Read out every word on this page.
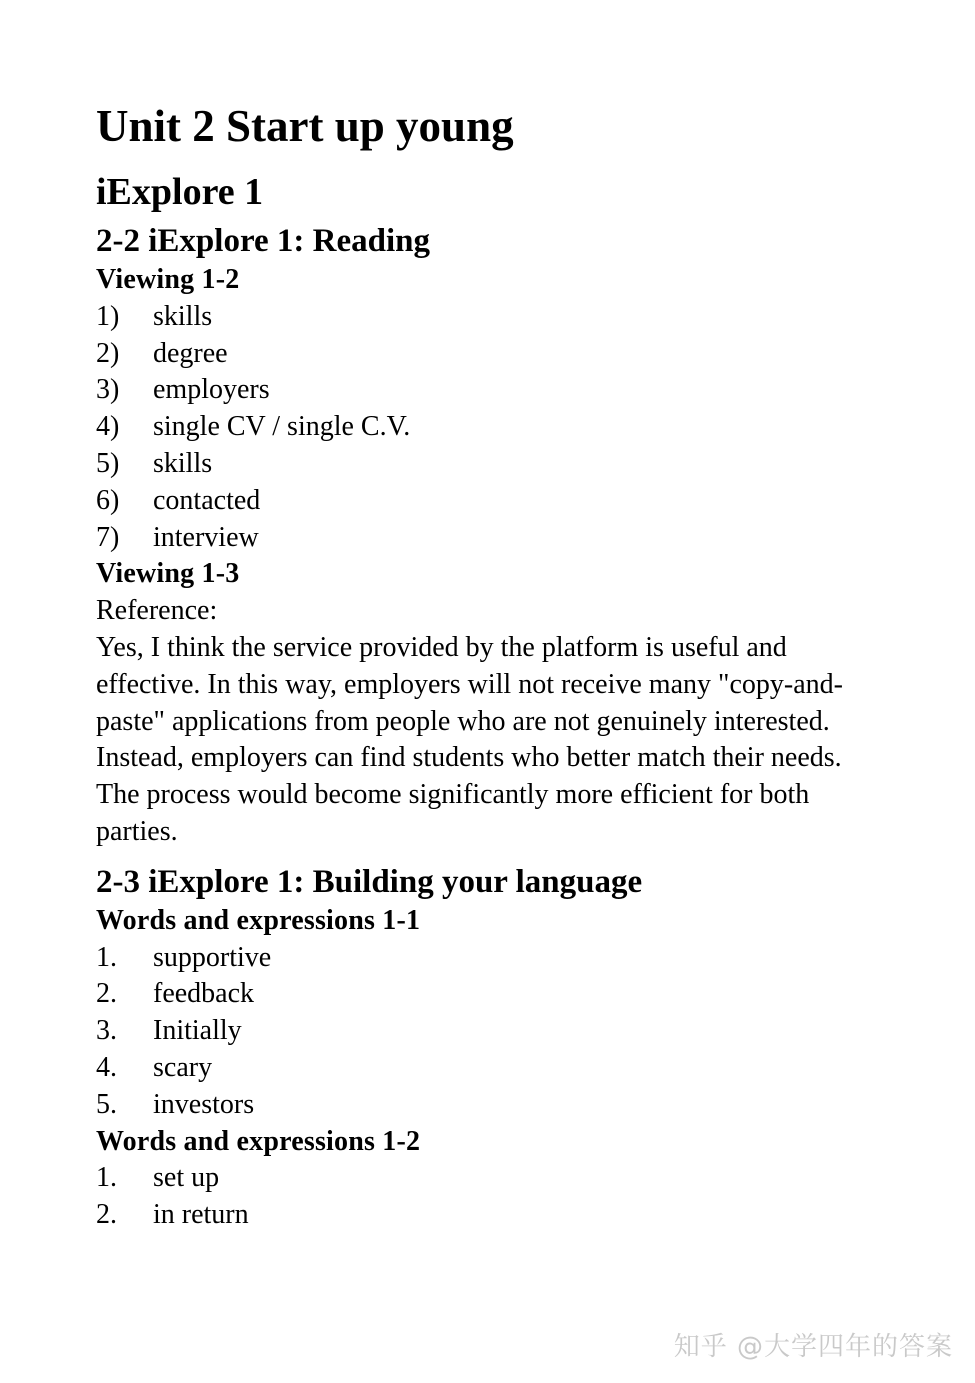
Unit 2 Start up young
iExplore 1
2-2 iExplore 1: Reading
Viewing 1-2
1)	skills
2)	degree
3)	employers
4)	single CV / single C.V.
5)	skills
6)	contacted
7)	interview
Viewing 1-3

Reference:

Yes, I think the service provided by the platform is useful and effective. In this way, employers will not receive many "copy-and-paste" applications from people who are not genuinely interested. Instead, employers can find students who better match their needs. The process would become significantly more efficient for both parties.

2-3 iExplore 1: Building your language
Words and expressions 1-1
1.	supportive
2.	feedback
3.	Initially
4.	scary
5.	investors
Words and expressions 1-2
1.	set up
2.	in return
知乎 @大学四年的答案
